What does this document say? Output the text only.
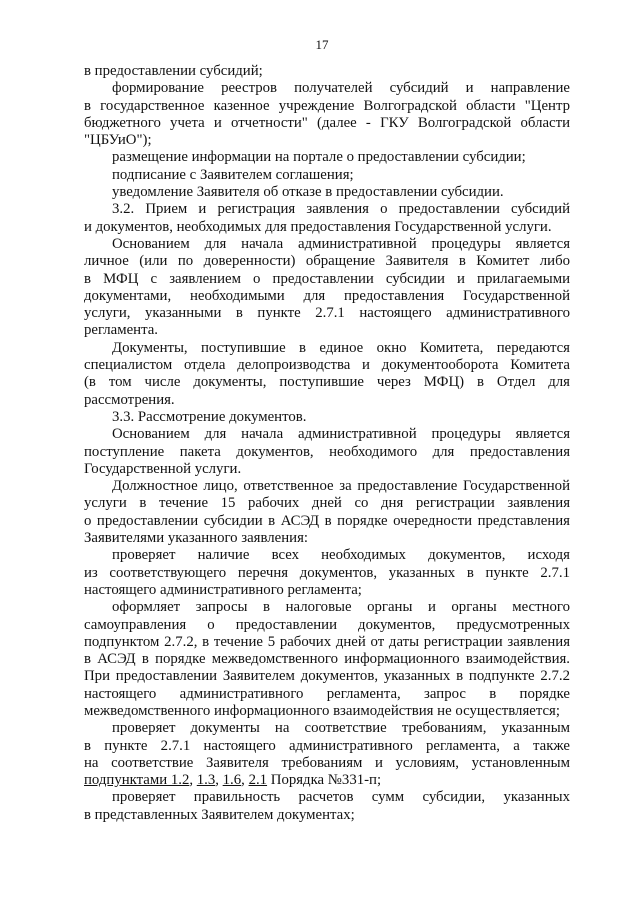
17
в предоставлении субсидий;
формирование реестров получателей субсидий и направление
в государственное казенное учреждение Волгоградской области "Центр
бюджетного учета и отчетности" (далее - ГКУ Волгоградской области
"ЦБУиО");
размещение информации на портале о предоставлении субсидии;
подписание с Заявителем соглашения;
уведомление Заявителя об отказе в предоставлении субсидии.
3.2. Прием и регистрация заявления о предоставлении субсидий
и документов, необходимых для предоставления Государственной услуги.
Основанием для начала административной процедуры является
личное (или по доверенности) обращение Заявителя в Комитет либо
в МФЦ с заявлением о предоставлении субсидии и прилагаемыми
документами, необходимыми для предоставления Государственной
услуги, указанными в пункте 2.7.1 настоящего административного
регламента.
Документы, поступившие в единое окно Комитета, передаются
специалистом отдела делопроизводства и документооборота Комитета
(в том числе документы, поступившие через МФЦ) в Отдел для
рассмотрения.
3.3. Рассмотрение документов.
Основанием для начала административной процедуры является
поступление пакета документов, необходимого для предоставления
Государственной услуги.
Должностное лицо, ответственное за предоставление Государственной
услуги в течение 15 рабочих дней со дня регистрации заявления
о предоставлении субсидии в АСЭД в порядке очередности представления
Заявителями указанного заявления:
проверяет наличие всех необходимых документов, исходя
из соответствующего перечня документов, указанных в пункте 2.7.1
настоящего административного регламента;
оформляет запросы в налоговые органы и органы местного
самоуправления о предоставлении документов, предусмотренных
подпунктом 2.7.2, в течение 5 рабочих дней от даты регистрации заявления
в АСЭД в порядке межведомственного информационного взаимодействия.
При предоставлении Заявителем документов, указанных в подпункте 2.7.2
настоящего административного регламента, запрос в порядке
межведомственного информационного взаимодействия не осуществляется;
проверяет документы на соответствие требованиям, указанным
в пункте 2.7.1 настоящего административного регламента, а также
на соответствие Заявителя требованиям и условиям, установленным
подпунктами 1.2, 1.3, 1.6, 2.1 Порядка №331-п;
проверяет правильность расчетов сумм субсидии, указанных
в представленных Заявителем документах;
